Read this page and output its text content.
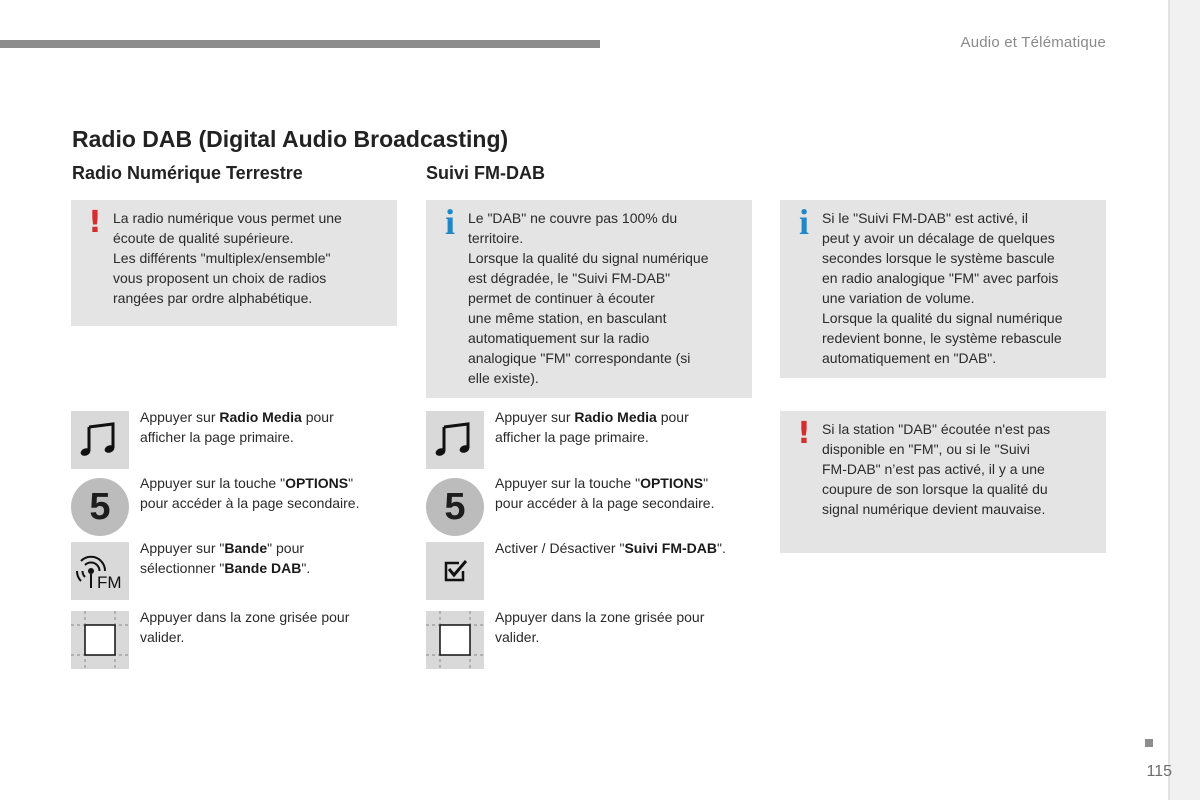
Audio et Télématique
115
Radio DAB (Digital Audio Broadcasting)
Radio Numérique Terrestre	Suivi FM-DAB
! La radio numérique vous permet une
écoute de qualité supérieure.
Les différents "multiplex/ensemble"
vous proposent un choix de radios
rangées par ordre alphabétique.
i Le "DAB" ne couvre pas 100% du
territoire.
Lorsque la qualité du signal numérique
est dégradée, le "Suivi FM-DAB"
permet de continuer à écouter
une même station, en basculant
automatiquement sur la radio
analogique "FM" correspondante (si
elle existe).
i Si le "Suivi FM-DAB" est activé, il
peut y avoir un décalage de quelques
secondes lorsque le système bascule
en radio analogique "FM" avec parfois
une variation de volume.
Lorsque la qualité du signal numérique
redevient bonne, le système rebascule
automatiquement en "DAB".
! Si la station "DAB" écoutée n'est pas
disponible en "FM", ou si le "Suivi
FM-DAB" n’est pas activé, il y a une
coupure de son lorsque la qualité du
signal numérique devient mauvaise.
Appuyer sur Radio Media pour
afficher la page primaire.
5
Appuyer sur la touche "OPTIONS"
pour accéder à la page secondaire.
FM
Appuyer sur "Bande" pour
sélectionner "Bande DAB".
Appuyer dans la zone grisée pour
valider.
Appuyer sur Radio Media pour
afficher la page primaire.
5
Appuyer sur la touche "OPTIONS"
pour accéder à la page secondaire.
Activer / Désactiver "Suivi FM-DAB".
Appuyer dans la zone grisée pour
valider.
